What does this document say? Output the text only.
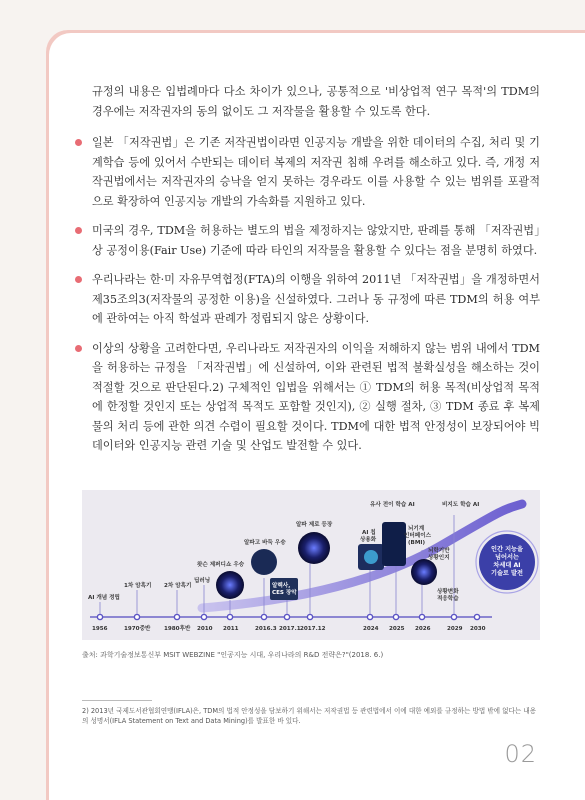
규정의 내용은 입법례마다 다소 차이가 있으나, 공통적으로 '비상업적 연구 목적'의 TDM의 경우에는 저작권자의 동의 없이도 그 저작물을 활용할 수 있도록 한다.

일본 「저작권법」은 기존 저작권법이라면 인공지능 개발을 위한 데이터의 수집, 처리 및 기계학습 등에 있어서 수반되는 데이터 복제의 저작권 침해 우려를 해소하고 있다. 즉, 개정 저작권법에서는 저작권자의 승낙을 얻지 못하는 경우라도 이를 사용할 수 있는 범위를 포괄적으로 확장하여 인공지능 개발의 가속화를 지원하고 있다.
미국의 경우, TDM을 허용하는 별도의 법을 제정하지는 않았지만, 판례를 통해 「저작권법」상 공정이용(Fair Use) 기준에 따라 타인의 저작물을 활용할 수 있다는 점을 분명히 하였다.
우리나라는 한·미 자유무역협정(FTA)의 이행을 위하여 2011년 「저작권법」을 개정하면서 제35조의3(저작물의 공정한 이용)을 신설하였다. 그러나 동 규정에 따른 TDM의 허용 여부에 관하여는 아직 학설과 판례가 정립되지 않은 상황이다.
이상의 상황을 고려한다면, 우리나라도 저작권자의 이익을 저해하지 않는 범위 내에서 TDM을 허용하는 규정을 「저작권법」에 신설하여, 이와 관련된 법적 불확실성을 해소하는 것이 적절할 것으로 판단된다.2) 구체적인 입법을 위해서는 ① TDM의 허용 목적(비상업적 목적에 한정할 것인지 또는 상업적 목적도 포함할 것인지), ② 실행 절차, ③ TDM 종료 후 복제물의 처리 등에 관한 의견 수렴이 필요할 것이다. TDM에 대한 법적 안정성이 보장되어야 빅데이터와 인공지능 관련 기술 및 산업도 발전할 수 있다.
1956	1970중반 1980후반 2010 2011	2016.3 2017.1 2017.12	2024 2025 2026	2029 2030
AI 개념 정립
1차 암흑기 2차 암흑기
딥러닝
왓슨 제퍼디쇼 우승
알파고 바둑 우승
알파 제로 등장
알렉사,
CES 장악
AI 칩
상용화
유사 전이 학습 AI
뇌기계
인터페이스
(BMI)
뇌학기반
상황인지
비지도 학습 AI
상황변화
적응학습
인간 지능을
넘어서는
차세대 AI
기술로 발전
출처: 과학기술정보통신부 MSIT WEBZINE "인공지능 시대, 우리나라의 R&D 전략은?"(2018. 6.)
2) 2013년 국제도서관협회연맹(IFLA)은, TDM의 법적 안정성을 담보하기 위해서는 저작권법 등 관련법에서 이에 대한 예외를 규정하는 방법 밖에 없다는 내용의 성명서(IFLA Statement on Text and Data Mining)를 발표한 바 있다.
02
